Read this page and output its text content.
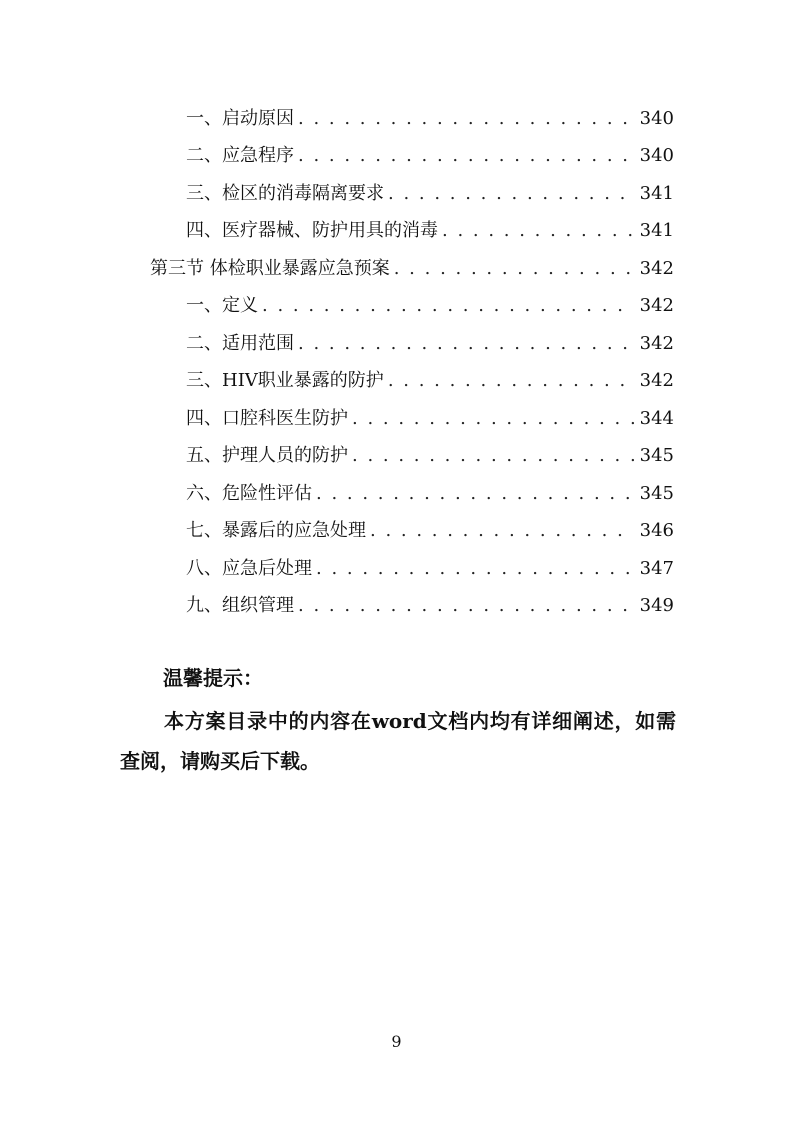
一、启动原因 . . .	340
二、应急程序 . . .	340
三、检区的消毒隔离要求 . . .	341
四、医疗器械、防护用具的消毒 . . .	341
第三节 体检职业暴露应急预案 . . .	342
一、定义 . . .	342
二、适用范围 . . .	342
三、HIV职业暴露的防护 . . .	342
四、口腔科医生防护 . . .	344
五、护理人员的防护 . . .	345
六、危险性评估 . . .	345
七、暴露后的应急处理 . . .	346
八、应急后处理 . . .	347
九、组织管理 . . .	349
温馨提示：
本方案目录中的内容在word文档内均有详细阐述，如需查阅，请购买后下载。
9
